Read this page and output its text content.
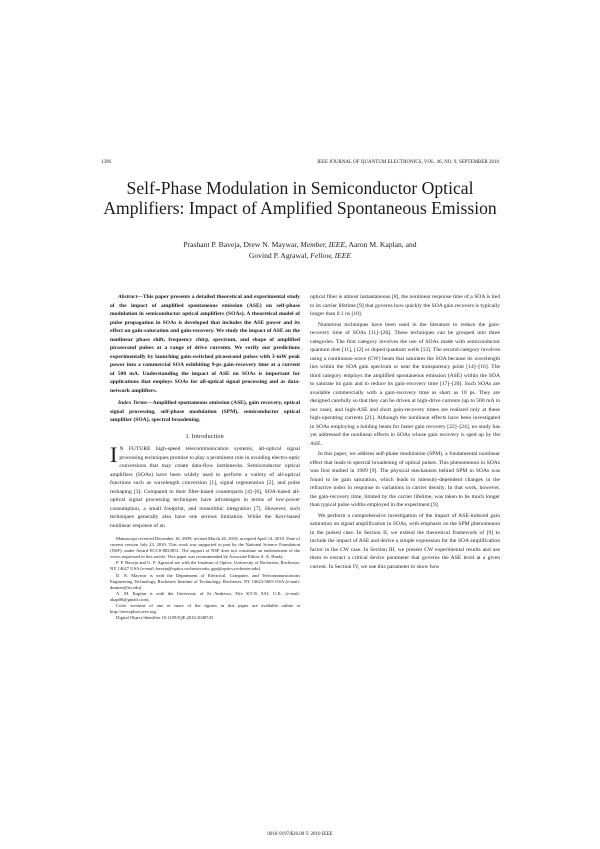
1396	IEEE JOURNAL OF QUANTUM ELECTRONICS, VOL. 46, NO. 9, SEPTEMBER 2010
Self-Phase Modulation in Semiconductor Optical Amplifiers: Impact of Amplified Spontaneous Emission
Prashant P. Baveja, Drew N. Maywar, Member, IEEE, Aaron M. Kaplan, and
Govind P. Agrawal, Fellow, IEEE

Abstract—This paper presents a detailed theoretical and experimental study of the impact of amplified spontaneous emission (ASE) on self-phase modulation in semiconductor optical amplifiers (SOAs). A theoretical model of pulse propagation in SOAs is developed that includes the ASE power and its effect on gain-saturation and gain-recovery. We study the impact of ASE on the nonlinear phase shift, frequency chirp, spectrum, and shape of amplified picosecond pulses at a range of drive currents. We verify our predictions experimentally by launching gain-switched picosecond pulses with 3-mW peak power into a commercial SOA exhibiting 9-ps gain-recovery time at a current of 500 mA. Understanding the impact of ASE on SOAs is important for applications that employs SOAs for all-optical signal processing and as data-network amplifiers.

Index Terms—Amplified spontaneous emission (ASE), gain recovery, optical signal processing, self-phase modulation (SPM), semiconductor optical amplifier (SOA), spectral broadening.

I. Introduction

I N FUTURE high-speed telecommunication systems, all-optical signal processing techniques promise to play a prominent role in avoiding electro-optic conversions that may create data-flow bottlenecks. Semiconductor optical amplifiers (SOAs) have been widely used to perform a variety of all-optical functions such as wavelength conversion [1], signal regeneration [2], and pulse reshaping [3]. Compared to their fiber-based counterparts [4]–[6], SOA-based all-optical signal processing techniques have advantages in terms of low-power consumption, a small footprint, and monolithic integration [7]. However, such techniques generally also have one serious limitation. While the Kerr-based nonlinear response of an

Manuscript received December 16, 2009; revised March 26, 2010; accepted April 14, 2010. Date of current version July 23, 2010. This work was supported in part by the National Science Foundation (NSF), under Award ECCS-0823851. The support of NSF does not constitute an endorsement of the views expressed in this article. This paper was recommended by Associate Editor A. A. Hardy.

P. P. Baveja and G. P. Agrawal are with the Institute of Optics, University of Rochester, Rochester, NY 14627 USA (e-mail: baveja@optics.rochester.edu; gpa@optics.rochester.edu).

D. N. Maywar is with the Department of Electrical, Computer, and Telecommunications Engineering Technology, Rochester Institute of Technology, Rochester, NY 14623-5603 USA (e-mail: dnmiee@rit.edu).

A. M. Kaplan is with the University of St Andrews, Fife KY16 9AJ, U.K. (e-mail: akap06@gmail.com).

Color versions of one or more of the figures in this paper are available online at http://ieeexplore.ieee.org.

Digital Object Identifier 10.1109/JQE.2010.2048743

optical fiber is almost instantaneous [8], the nonlinear response time of a SOA is tied to its carrier lifetime [9] that governs how quickly the SOA gain recovers is typically longer than 0.1 ns [10].

Numerous techniques have been used in the literature to reduce the gain-recovery time of SOAs [11]–[20]. These techniques can be grouped into three categories. The first category involves the use of SOAs made with semiconductor quantum dots [11], [12] or doped quantum wells [13]. The second category involves using a continuous-wave (CW) beam that saturates the SOA because its wavelength lies within the SOA gain spectrum or near the transparency point [14]–[16]. The third category employs the amplified spontaneous emission (ASE) within the SOA to saturate its gain and to reduce its gain-recovery time [17]–[20]. Such SOAs are available commercially with a gain-recovery time as short as 10 ps. They are designed carefully so that they can be driven at high-drive currents (up to 500 mA in our case), and high-ASE and short gain-recovery times are realized only at these high-operating currents [21]. Although the nonlinear effects have been investigated in SOAs employing a holding beam for faster gain recovery [22]–[24], no study has yet addressed the nonlinear effects in SOAs whose gain recovery is sped up by the ASE.

In this paper, we address self-phase modulation (SPM), a fundamental nonlinear effect that leads to spectral broadening of optical pulses. This phenomenon in SOAs was first studied in 1989 [9]. The physical mechanism behind SPM in SOAs was found to be gain saturation, which leads to intensity-dependent changes in the refractive index in response to variations in carrier density. In that work, however, the gain-recovery time, limited by the carrier lifetime, was taken to be much longer than typical pulse widths employed in the experiment [9].

We perform a comprehensive investigation of the impact of ASE-induced gain saturation on signal amplification in SOAs, with emphasis on the SPM phenomenon in the pulsed case. In Section II, we extend the theoretical framework of [9] to include the impact of ASE and derive a simple expression for the SOA amplification factor in the CW case. In Section III, we present CW experimental results and use them to extract a critical device parameter that governs the ASE level at a given current. In Section IV, we use this parameter to show how

0018-9197/$26.00 © 2010 IEEE
